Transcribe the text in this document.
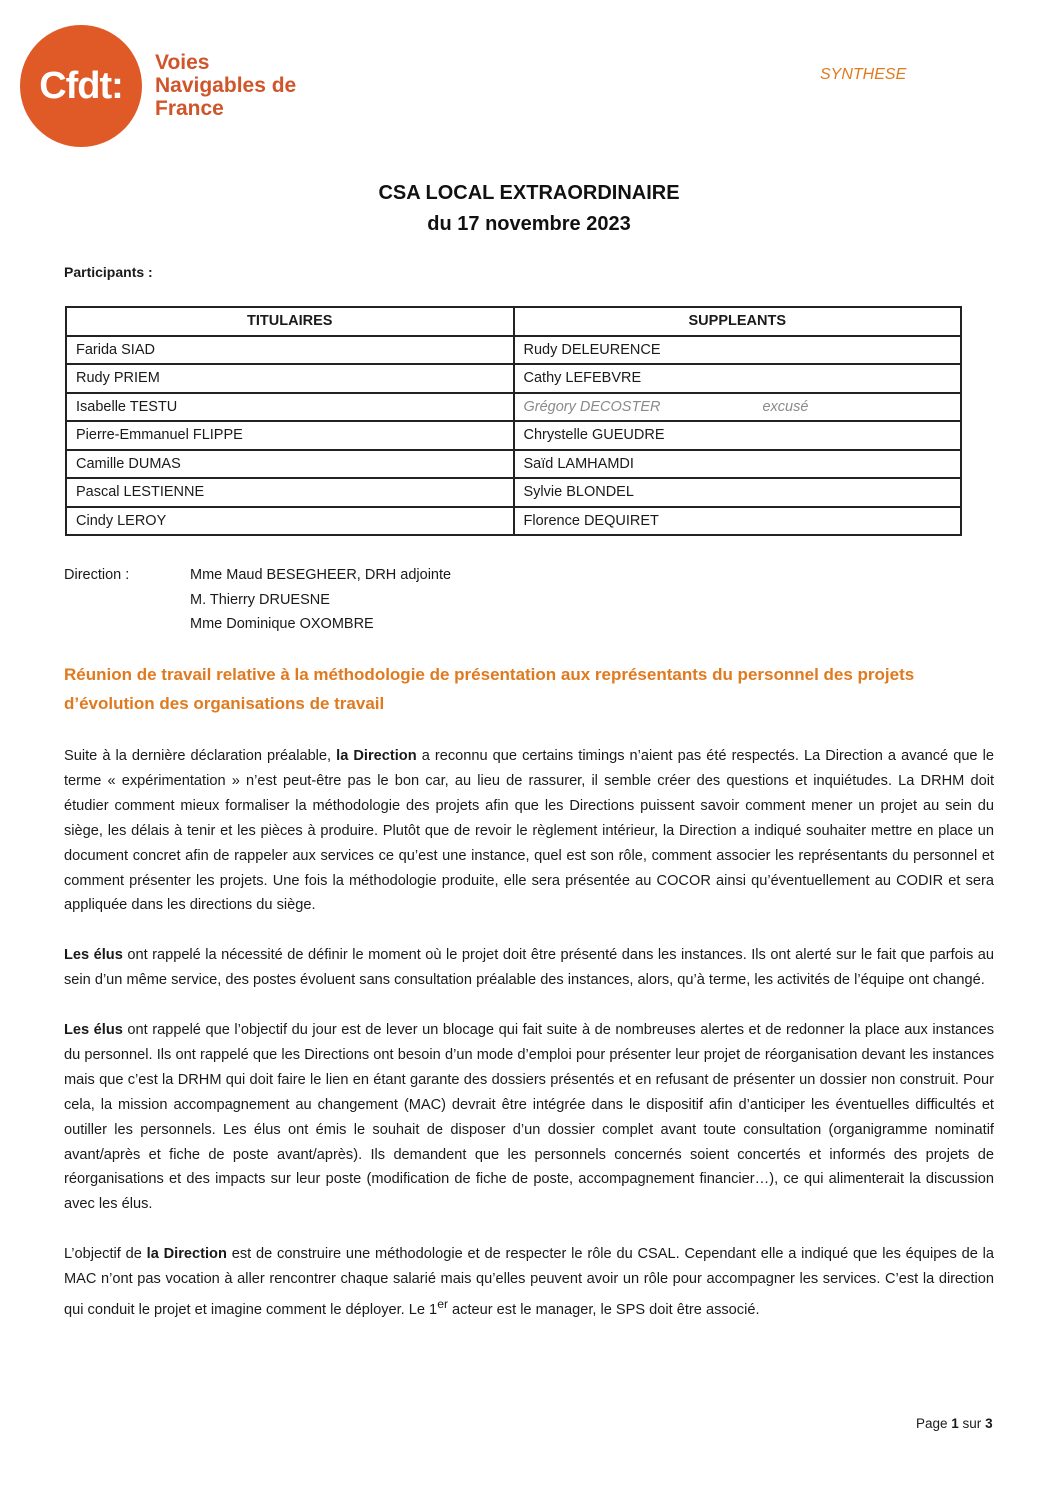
Cfdt:
Voies
Navigables de
France
SYNTHESE
CSA LOCAL EXTRAORDINAIRE
du 17 novembre 2023
Participants :
TITULAIRES	SUPPLEANTS
Farida SIAD	Rudy DELEURENCE
Rudy PRIEM	Cathy LEFEBVRE
Isabelle TESTU	Grégory DECOSTER excusé
Pierre-Emmanuel FLIPPE	Chrystelle GUEUDRE
Camille DUMAS	Saïd LAMHAMDI
Pascal LESTIENNE	Sylvie BLONDEL
Cindy LEROY	Florence DEQUIRET
Direction :	Mme Maud BESEGHEER, DRH adjointe
M. Thierry DRUESNE
Mme Dominique OXOMBRE
Réunion de travail relative à la méthodologie de présentation aux représentants du personnel des projets d’évolution des organisations de travail

Suite à la dernière déclaration préalable, la Direction a reconnu que certains timings n’aient pas été respectés. La Direction a avancé que le terme « expérimentation » n’est peut-être pas le bon car, au lieu de rassurer, il semble créer des questions et inquiétudes. La DRHM doit étudier comment mieux formaliser la méthodologie des projets afin que les Directions puissent savoir comment mener un projet au sein du siège, les délais à tenir et les pièces à produire. Plutôt que de revoir le règlement intérieur, la Direction a indiqué souhaiter mettre en place un document concret afin de rappeler aux services ce qu’est une instance, quel est son rôle, comment associer les représentants du personnel et comment présenter les projets. Une fois la méthodologie produite, elle sera présentée au COCOR ainsi qu’éventuellement au CODIR et sera appliquée dans les directions du siège.

Les élus ont rappelé la nécessité de définir le moment où le projet doit être présenté dans les instances. Ils ont alerté sur le fait que parfois au sein d’un même service, des postes évoluent sans consultation préalable des instances, alors, qu’à terme, les activités de l’équipe ont changé.

Les élus ont rappelé que l’objectif du jour est de lever un blocage qui fait suite à de nombreuses alertes et de redonner la place aux instances du personnel. Ils ont rappelé que les Directions ont besoin d’un mode d’emploi pour présenter leur projet de réorganisation devant les instances mais que c’est la DRHM qui doit faire le lien en étant garante des dossiers présentés et en refusant de présenter un dossier non construit. Pour cela, la mission accompagnement au changement (MAC) devrait être intégrée dans le dispositif afin d’anticiper les éventuelles difficultés et outiller les personnels. Les élus ont émis le souhait de disposer d’un dossier complet avant toute consultation (organigramme nominatif avant/après et fiche de poste avant/après). Ils demandent que les personnels concernés soient concertés et informés des projets de réorganisations et des impacts sur leur poste (modification de fiche de poste, accompagnement financier…), ce qui alimenterait la discussion avec les élus.

L’objectif de la Direction est de construire une méthodologie et de respecter le rôle du CSAL. Cependant elle a indiqué que les équipes de la MAC n’ont pas vocation à aller rencontrer chaque salarié mais qu’elles peuvent avoir un rôle pour accompagner les services. C’est la direction qui conduit le projet et imagine comment le déployer. Le 1er acteur est le manager, le SPS doit être associé.

Page 1 sur 3
